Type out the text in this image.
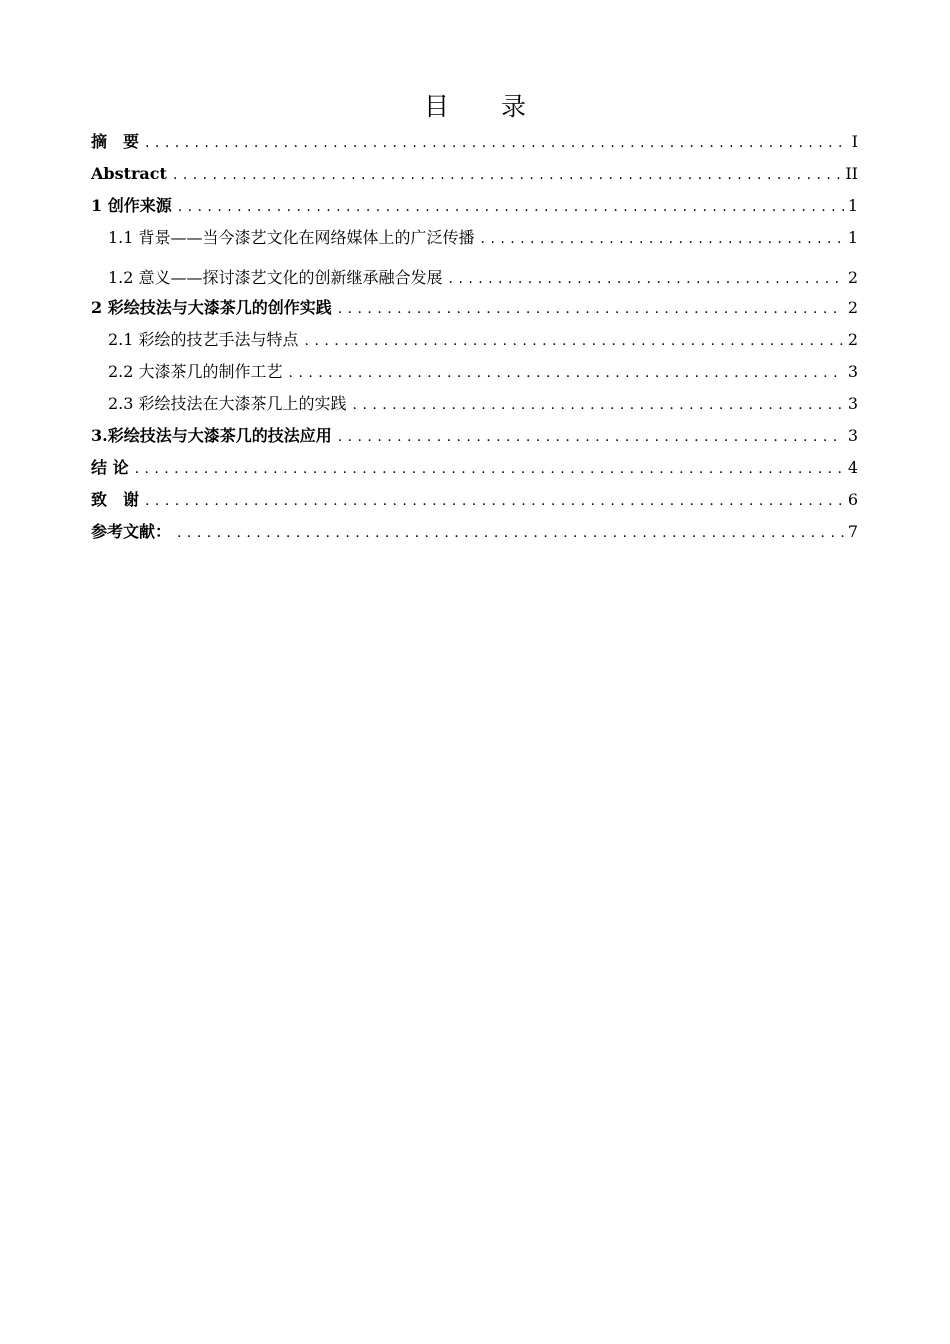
目 录
摘　要 . . .	I
Abstract . . .	II
1 创作来源 . . .	1
1.1 背景——当今漆艺文化在网络媒体上的广泛传播 . . .	1
1.2 意义——探讨漆艺文化的创新继承融合发展 . . .	2
2 彩绘技法与大漆茶几的创作实践 . . .	2
2.1 彩绘的技艺手法与特点 . . .	2
2.2 大漆茶几的制作工艺 . . .	3
2.3 彩绘技法在大漆茶几上的实践 . . .	3
3.彩绘技法与大漆茶几的技法应用 . . .	3
结 论 . . .	4
致　谢 . . .	6
参考文献： . . .	7
